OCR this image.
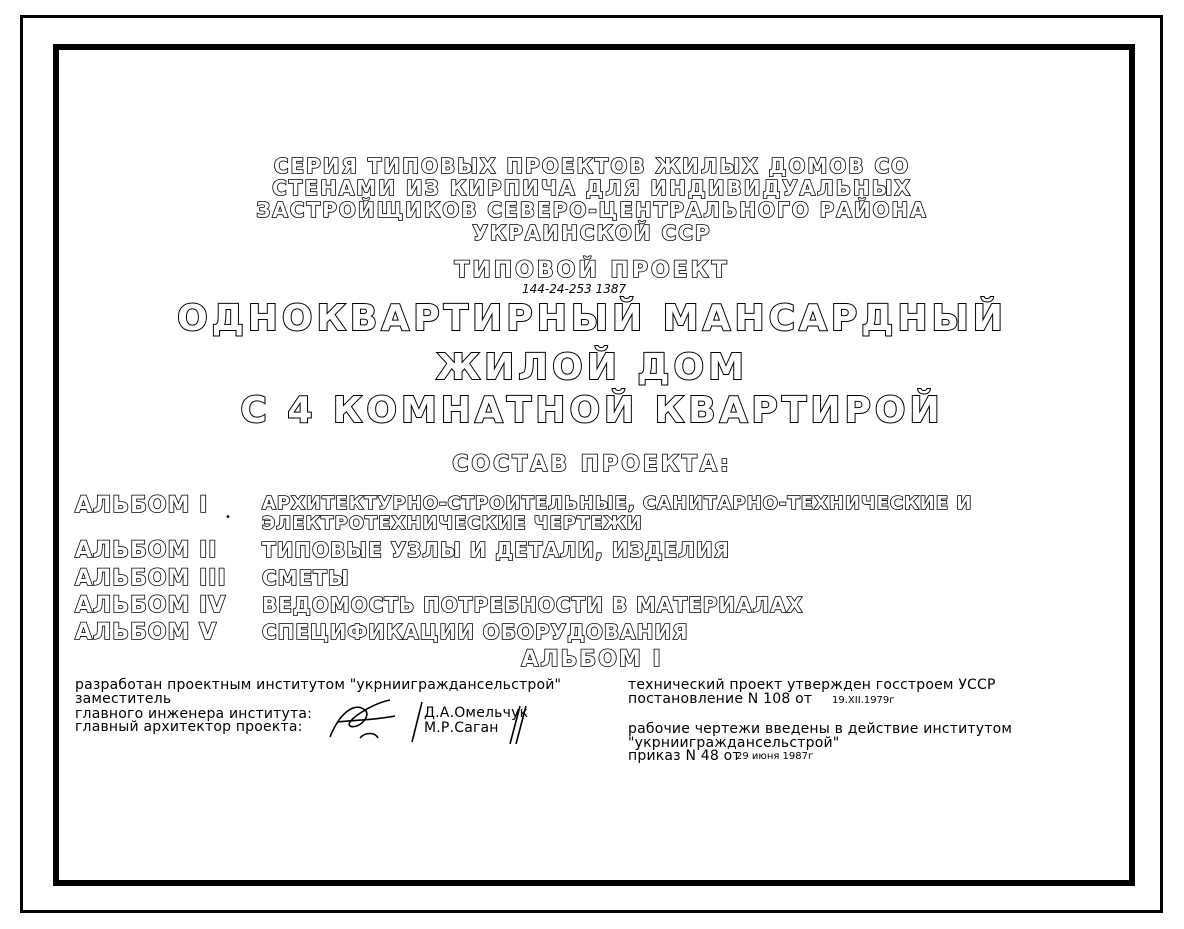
СЕРИЯ ТИПОВЫХ ПРОЕКТОВ ЖИЛЫХ ДОМОВ СО
СТЕНАМИ ИЗ КИРПИЧА ДЛЯ ИНДИВИДУАЛЬНЫХ
ЗАСТРОЙЩИКОВ СЕВЕРО-ЦЕНТРАЛЬНОГО РАЙОНА
УКРАИНСКОЙ ССР
ТИПОВОЙ ПРОЕКТ
144-24-253 1387
ОДНОКВАРТИРНЫЙ МАНСАРДНЫЙ
ЖИЛОЙ ДОМ
С 4 КОМНАТНОЙ КВАРТИРОЙ
СОСТАВ ПРОЕКТА:
АЛЬБОМ I	АРХИТЕКТУРНО-СТРОИТЕЛЬНЫЕ, САНИТАРНО-ТЕХНИЧЕСКИЕ И
• ЭЛЕКТРОТЕХНИЧЕСКИЕ ЧЕРТЕЖИ
АЛЬБОМ II ТИПОВЫЕ УЗЛЫ И ДЕТАЛИ, ИЗДЕЛИЯ
АЛЬБОМ III СМЕТЫ
АЛЬБОМ IV ВЕДОМОСТЬ ПОТРЕБНОСТИ В МАТЕРИАЛАХ
АЛЬБОМ V СПЕЦИФИКАЦИИ ОБОРУДОВАНИЯ
АЛЬБОМ I
разработан проектным институтом "укрнииграждансельстрой"
заместитель
главного инженера института:
главный архитектор проекта:
Д.А.Омельчук
М.Р.Саган
технический проект утвержден госстроем УССР
постановление N 108 от 19.XII.1979г
рабочие чертежи введены в действие институтом
"укрнииграждансельстрой"
приказ N 48 от
29 июня 1987г
